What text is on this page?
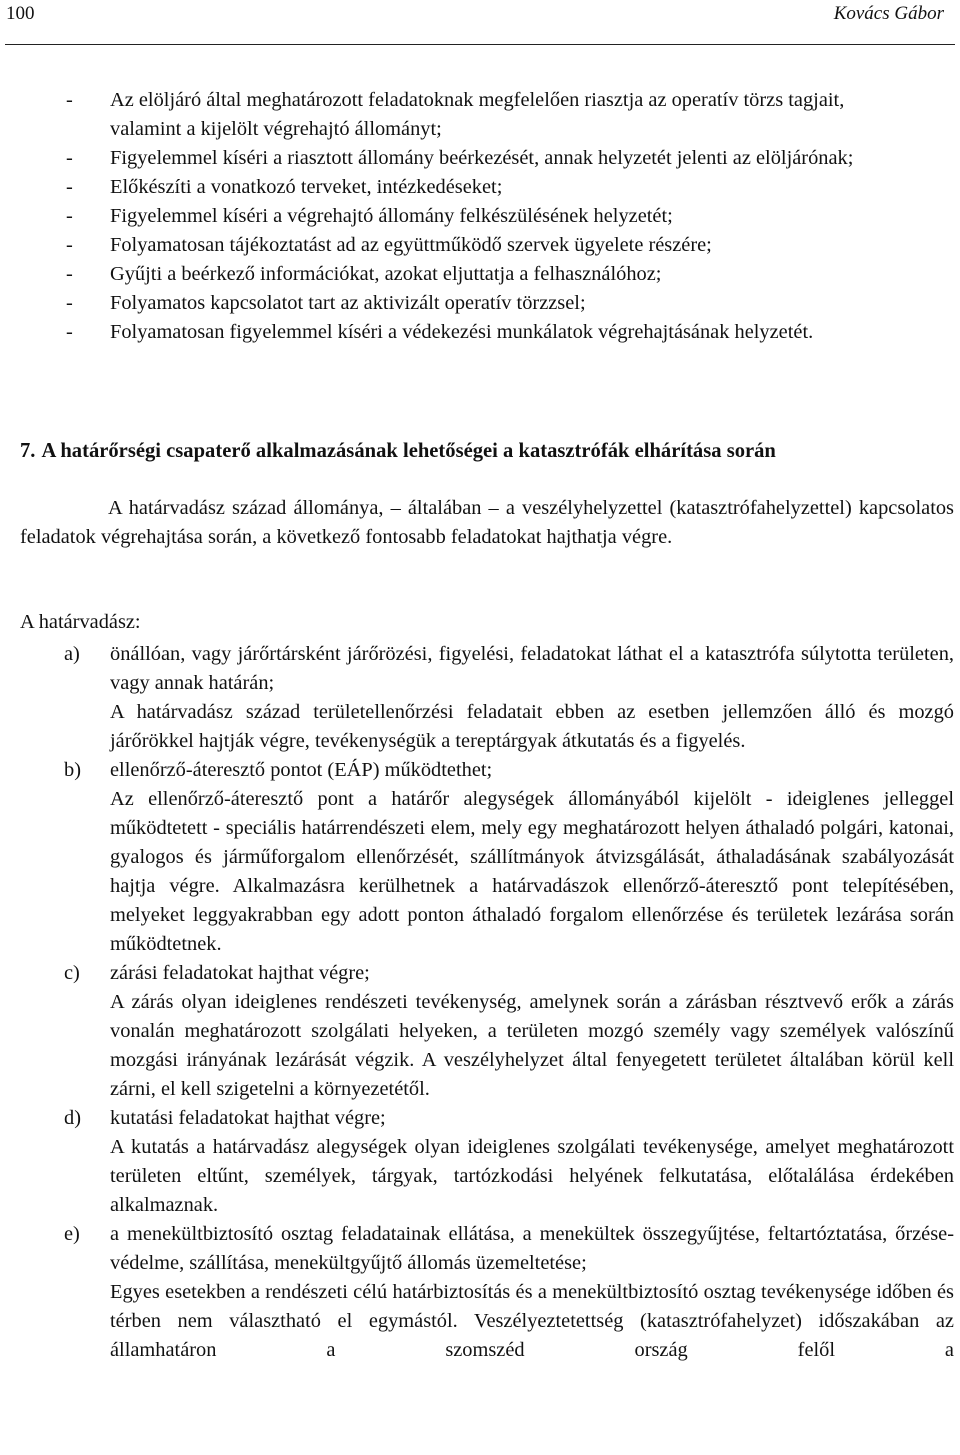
100	Kovács Gábor
- Az elöljáró által meghatározott feladatoknak megfelelően riasztja az operatív törzs tagjait, valamint a kijelölt végrehajtó állományt;
- Figyelemmel kíséri a riasztott állomány beérkezését, annak helyzetét jelenti az elöljárónak;
- Előkészíti a vonatkozó terveket, intézkedéseket;
- Figyelemmel kíséri a végrehajtó állomány felkészülésének helyzetét;
- Folyamatosan tájékoztatást ad az együttműködő szervek ügyelete részére;
- Gyűjti a beérkező információkat, azokat eljuttatja a felhasználóhoz;
- Folyamatos kapcsolatot tart az aktivizált operatív törzzsel;
- Folyamatosan figyelemmel kíséri a védekezési munkálatok végrehajtásának helyzetét.
7. A határőrségi csapaterő alkalmazásának lehetőségei a katasztrófák elhárítása során
A határvadász század állománya, – általában – a veszélyhelyzettel (katasztrófahelyzettel) kapcsolatos feladatok végrehajtása során, a következő fontosabb feladatokat hajthatja végre.
A határvadász:
a) önállóan, vagy járőrtársként járőrözési, figyelési, feladatokat láthat el a katasztrófa súlytotta területen, vagy annak határán;

A határvadász század területellenőrzési feladatait ebben az esetben jellemzően álló és mozgó járőrökkel hajtják végre, tevékenységük a tereptárgyak átkutatás és a figyelés.

b) ellenőrző-áteresztő pontot (EÁP) működtethet;

Az ellenőrző-áteresztő pont a határőr alegységek állományából kijelölt - ideiglenes jelleggel működtetett - speciális határrendészeti elem, mely egy meghatározott helyen áthaladó polgári, katonai, gyalogos és járműforgalom ellenőrzését, szállítmányok átvizsgálását, áthaladásának szabályozását hajtja végre. Alkalmazásra kerülhetnek a határvadászok ellenőrző-áteresztő pont telepítésében, melyeket leggyakrabban egy adott ponton áthaladó forgalom ellenőrzése és területek lezárása során működtetnek.

c) zárási feladatokat hajthat végre;

A zárás olyan ideiglenes rendészeti tevékenység, amelynek során a zárásban résztvevő erők a zárás vonalán meghatározott szolgálati helyeken, a területen mozgó személy vagy személyek valószínű mozgási irányának lezárását végzik. A veszélyhelyzet által fenyegetett területet általában körül kell zárni, el kell szigetelni a környezetétől.

d) kutatási feladatokat hajthat végre;

A kutatás a határvadász alegységek olyan ideiglenes szolgálati tevékenysége, amelyet meghatározott területen eltűnt, személyek, tárgyak, tartózkodási helyének felkutatása, előtalálása érdekében alkalmaznak.

e) a menekültbiztosító osztag feladatainak ellátása, a menekültek összegyűjtése, feltartóztatása, őrzése-védelme, szállítása, menekültgyűjtő állomás üzemeltetése;

Egyes esetekben a rendészeti célú határbiztosítás és a menekültbiztosító osztag tevékenysége időben és térben nem választható el egymástól. Veszélyeztetettség (katasztrófahelyzet) időszakában az államhatáron a szomszéd ország felől a
